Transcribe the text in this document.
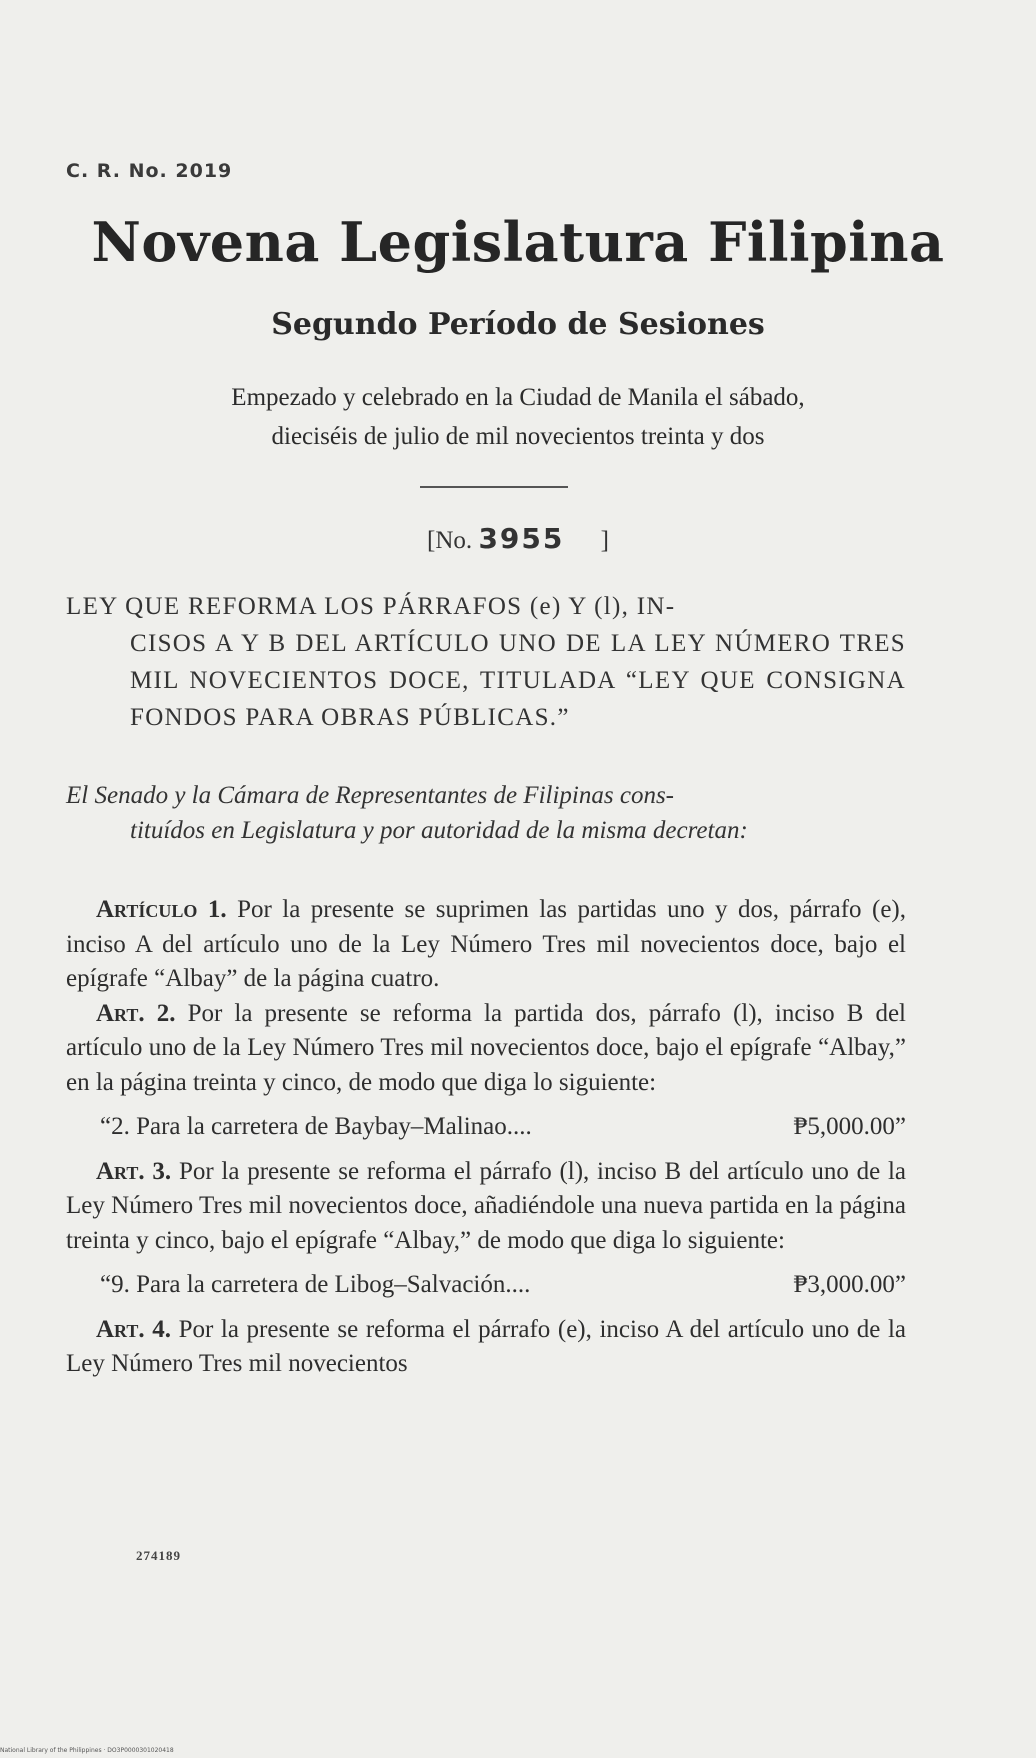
C. R. No. 2019
Novena Legislatura Filipina
Segundo Período de Sesiones
Empezado y celebrado en la Ciudad de Manila el sábado,
dieciséis de julio de mil novecientos treinta y dos
[No. 3955 ]
LEY QUE REFORMA LOS PÁRRAFOS (e) Y (l), IN-
CISOS A Y B DEL ARTÍCULO UNO DE LA LEY NÚMERO TRES MIL NOVECIENTOS DOCE, TITULADA “LEY QUE CONSIGNA FONDOS PARA OBRAS PÚBLICAS.”
El Senado y la Cámara de Representantes de Filipinas cons-
tituídos en Legislatura y por autoridad de la misma decretan:

Artículo 1. Por la presente se suprimen las partidas uno y dos, párrafo (e), inciso A del artículo uno de la Ley Número Tres mil novecientos doce, bajo el epígrafe “Albay” de la página cuatro.

Art. 2. Por la presente se reforma la partida dos, párrafo (l), inciso B del artículo uno de la Ley Número Tres mil novecientos doce, bajo el epígrafe “Albay,” en la página treinta y cinco, de modo que diga lo siguiente:

“2. Para la carretera de Baybay–Malinao....	₱5,000.00”

Art. 3. Por la presente se reforma el párrafo (l), inciso B del artículo uno de la Ley Número Tres mil novecientos doce, añadiéndole una nueva partida en la página treinta y cinco, bajo el epígrafe “Albay,” de modo que diga lo siguiente:

“9. Para la carretera de Libog–Salvación....	₱3,000.00”

Art. 4. Por la presente se reforma el párrafo (e), inciso A del artículo uno de la Ley Número Tres mil novecientos

274189
National Library of the Philippines · DO3P0000301020418
